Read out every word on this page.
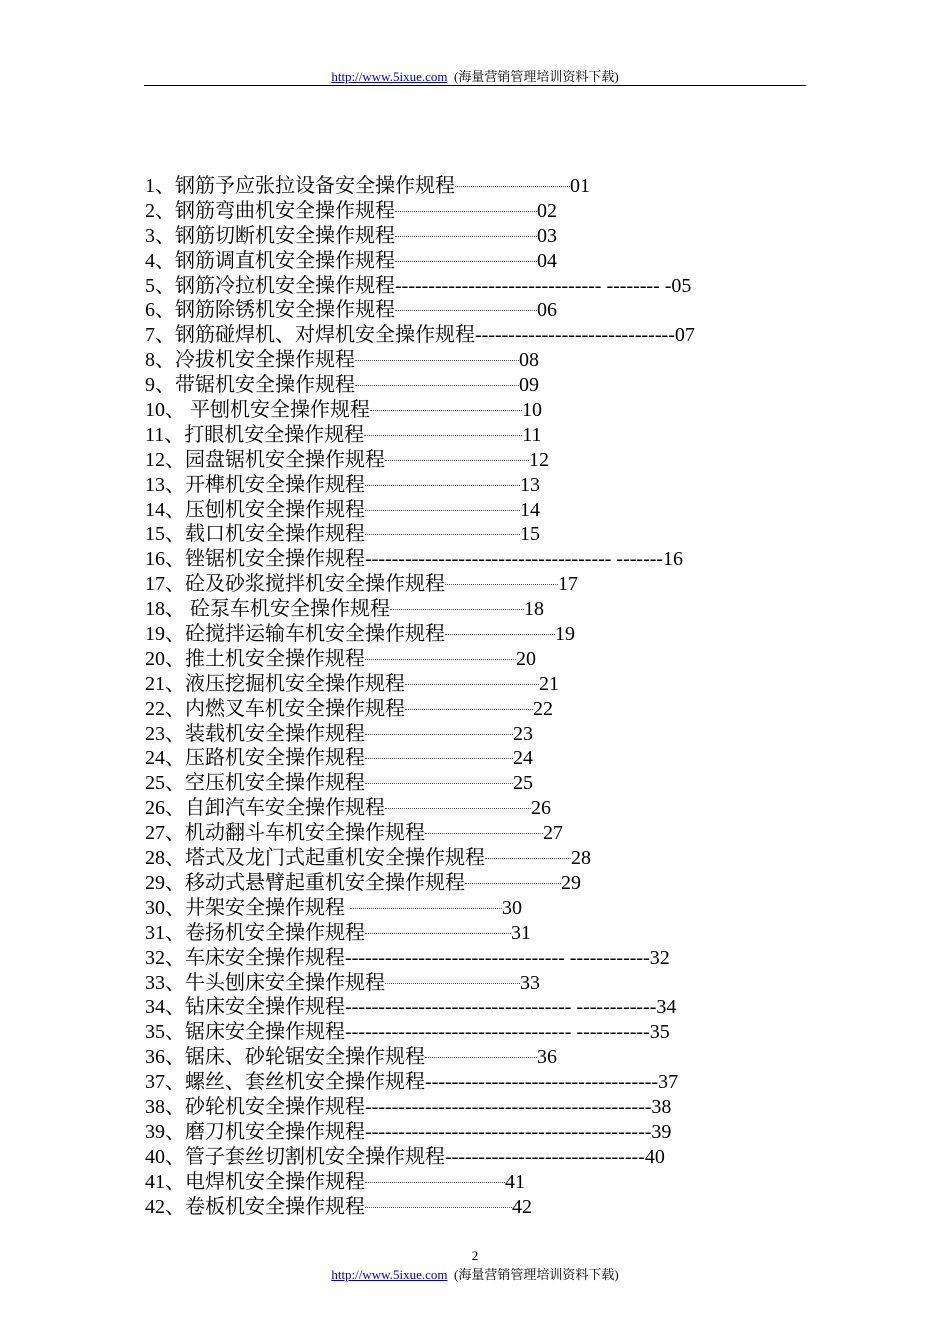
http://www.5ixue.com (海量营销管理培训资料下载)
1、钢筋予应张拉设备安全操作规程	01
2、钢筋弯曲机安全操作规程	02
3、钢筋切断机安全操作规程	03
4、钢筋调直机安全操作规程	04
5、钢筋冷拉机安全操作规程------------------------------- -------- -05
6、钢筋除锈机安全操作规程	06
7、钢筋碰焊机、对焊机安全操作规程------------------------------07
8、冷拔机安全操作规程	08
9、带锯机安全操作规程	09
10、 平刨机安全操作规程	10
11、打眼机安全操作规程	11
12、园盘锯机安全操作规程	12
13、开榫机安全操作规程	13
14、压刨机安全操作规程	14
15、载口机安全操作规程	15
16、锉锯机安全操作规程------------------------------------- -------16
17、砼及砂浆搅拌机安全操作规程	17
18、 砼泵车机安全操作规程	18
19、砼搅拌运输车机安全操作规程	19
20、推土机安全操作规程	20
21、液压挖掘机安全操作规程	21
22、内燃叉车机安全操作规程	22
23、装载机安全操作规程	23
24、压路机安全操作规程	24
25、空压机安全操作规程	25
26、自卸汽车安全操作规程	26
27、机动翻斗车机安全操作规程	27
28、塔式及龙门式起重机安全操作规程	28
29、移动式悬臂起重机安全操作规程	29
30、井架安全操作规程	30
31、卷扬机安全操作规程	31
32、车床安全操作规程--------------------------------- ------------32
33、牛头刨床安全操作规程	33
34、钻床安全操作规程---------------------------------- ------------34
35、锯床安全操作规程---------------------------------- -----------35
36、锯床、砂轮锯安全操作规程	36
37、螺丝、套丝机安全操作规程-----------------------------------37
38、砂轮机安全操作规程-------------------------------------------38
39、磨刀机安全操作规程-------------------------------------------39
40、管子套丝切割机安全操作规程------------------------------40
41、电焊机安全操作规程	41
42、卷板机安全操作规程	42
2
http://www.5ixue.com (海量营销管理培训资料下载)
